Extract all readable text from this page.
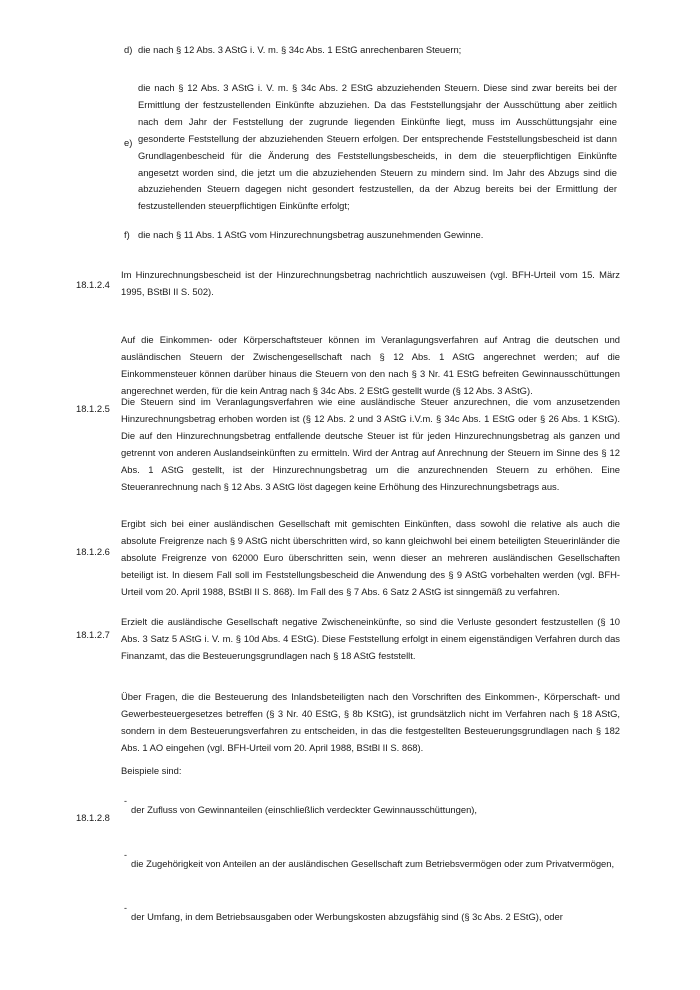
d) die nach § 12 Abs. 3 AStG i. V. m. § 34c Abs. 1 EStG anrechenbaren Steuern;
e)
die nach § 12 Abs. 3 AStG i. V. m. § 34c Abs. 2 EStG abzuziehenden Steuern. Diese sind zwar bereits bei der Ermittlung der festzustellenden Einkünfte abzuziehen. Da das Feststellungsjahr der Ausschüttung aber zeitlich nach dem Jahr der Feststellung der zugrunde liegenden Einkünfte liegt, muss im Ausschüttungsjahr eine gesonderte Feststellung der abzuziehenden Steuern erfolgen. Der entsprechende Feststellungsbescheid ist dann Grundlagenbescheid für die Änderung des Feststellungsbescheids, in dem die steuerpflichtigen Einkünfte angesetzt worden sind, die jetzt um die abzuziehenden Steuern zu mindern sind. Im Jahr des Abzugs sind die abzuziehenden Steuern dagegen nicht gesondert festzustellen, da der Abzug bereits bei der Ermittlung der festzustellenden steuerpflichtigen Einkünfte erfolgt;
f) die nach § 11 Abs. 1 AStG vom Hinzurechnungsbetrag auszunehmenden Gewinne.
18.1.2.4
Im Hinzurechnungsbescheid ist der Hinzurechnungsbetrag nachrichtlich auszuweisen (vgl. BFH-Urteil vom 15. März 1995, BStBl II S. 502).
Auf die Einkommen- oder Körperschaftsteuer können im Veranlagungsverfahren auf Antrag die deutschen und ausländischen Steuern der Zwischengesellschaft nach § 12 Abs. 1 AStG angerechnet werden; auf die Einkommensteuer können darüber hinaus die Steuern von den nach § 3 Nr. 41 EStG befreiten Gewinnausschüttungen angerechnet werden, für die kein Antrag nach § 34c Abs. 2 EStG gestellt wurde (§ 12 Abs. 3 AStG).
18.1.2.5
Die Steuern sind im Veranlagungsverfahren wie eine ausländische Steuer anzurechnen, die vom anzusetzenden Hinzurechnungsbetrag erhoben worden ist (§ 12 Abs. 2 und 3 AStG i.V.m. § 34c Abs. 1 EStG oder § 26 Abs. 1 KStG). Die auf den Hinzurechnungsbetrag entfallende deutsche Steuer ist für jeden Hinzurechnungsbetrag als ganzen und getrennt von anderen Auslandseinkünften zu ermitteln. Wird der Antrag auf Anrechnung der Steuern im Sinne des § 12 Abs. 1 AStG gestellt, ist der Hinzurechnungsbetrag um die anzurechnenden Steuern zu erhöhen. Eine Steueranrechnung nach § 12 Abs. 3 AStG löst dagegen keine Erhöhung des Hinzurechnungsbetrags aus.
18.1.2.6
Ergibt sich bei einer ausländischen Gesellschaft mit gemischten Einkünften, dass sowohl die relative als auch die absolute Freigrenze nach § 9 AStG nicht überschritten wird, so kann gleichwohl bei einem beteiligten Steuerinländer die absolute Freigrenze von 62000 Euro überschritten sein, wenn dieser an mehreren ausländischen Gesellschaften beteiligt ist. In diesem Fall soll im Feststellungsbescheid die Anwendung des § 9 AStG vorbehalten werden (vgl. BFH-Urteil vom 20. April 1988, BStBl II S. 868). Im Fall des § 7 Abs. 6 Satz 2 AStG ist sinngemäß zu verfahren.
18.1.2.7
Erzielt die ausländische Gesellschaft negative Zwischeneinkünfte, so sind die Verluste gesondert festzustellen (§ 10 Abs. 3 Satz 5 AStG i. V. m. § 10d Abs. 4 EStG). Diese Feststellung erfolgt in einem eigenständigen Verfahren durch das Finanzamt, das die Besteuerungsgrundlagen nach § 18 AStG feststellt.
Über Fragen, die die Besteuerung des Inlandsbeteiligten nach den Vorschriften des Einkommen-, Körperschaft- und Gewerbesteuergesetzes betreffen (§ 3 Nr. 40 EStG, § 8b KStG), ist grundsätzlich nicht im Verfahren nach § 18 AStG, sondern in dem Besteuerungsverfahren zu entscheiden, in das die festgestellten Besteuerungsgrundlagen nach § 182 Abs. 1 AO eingehen (vgl. BFH-Urteil vom 20. April 1988, BStBl II S. 868).
Beispiele sind:
18.1.2.8
-
der Zufluss von Gewinnanteilen (einschließlich verdeckter Gewinnausschüttungen),
-
die Zugehörigkeit von Anteilen an der ausländischen Gesellschaft zum Betriebsvermögen oder zum Privatvermögen,
-
der Umfang, in dem Betriebsausgaben oder Werbungskosten abzugsfähig sind (§ 3c Abs. 2 EStG), oder
